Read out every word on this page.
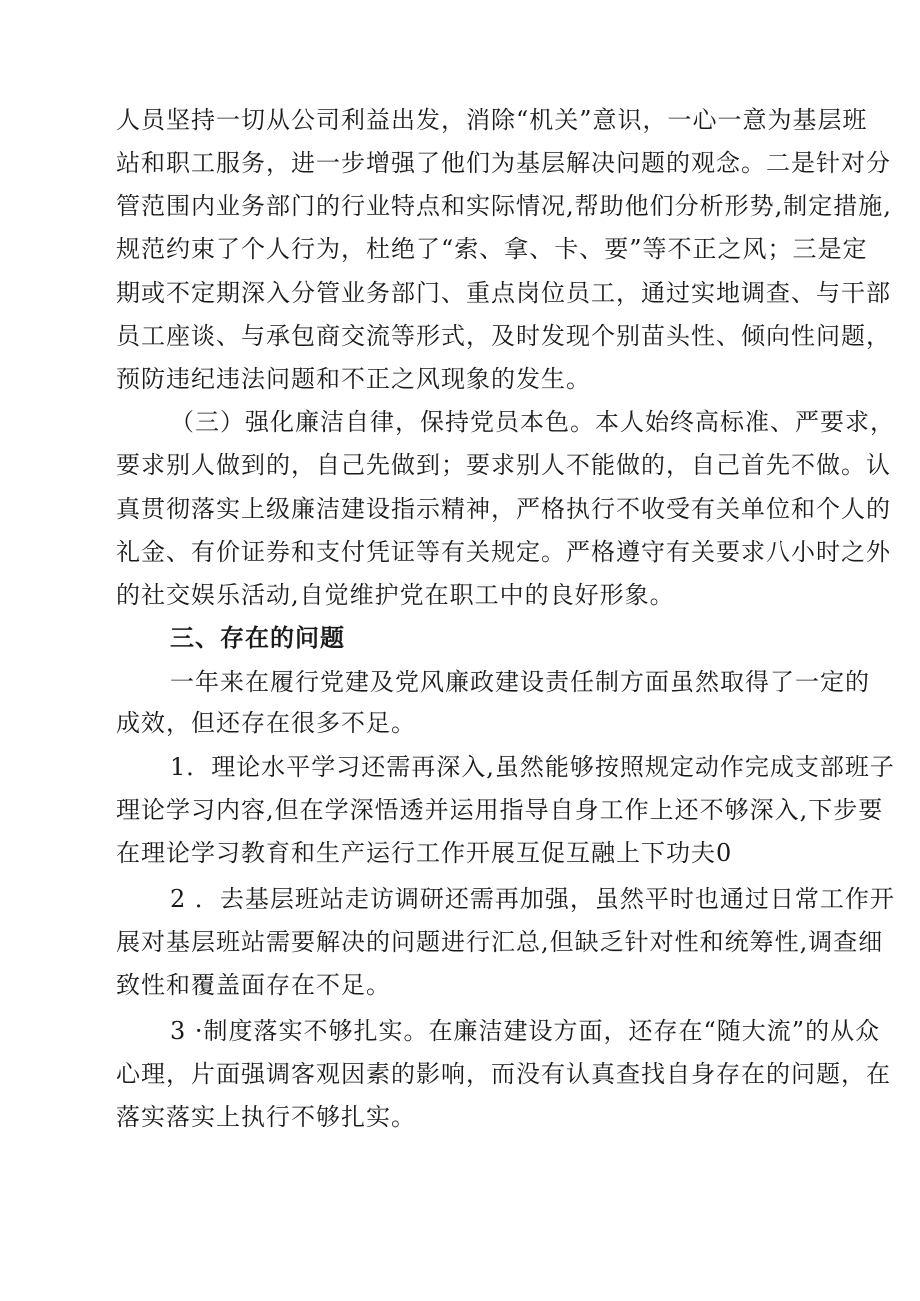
人员坚持一切从公司利益出发，消除“机关”意识，一心一意为基层班
站和职工服务，进一步增强了他们为基层解决问题的观念。二是针对分
管范围内业务部门的行业特点和实际情况,帮助他们分析形势,制定措施,
规范约束了个人行为，杜绝了“索、拿、卡、要”等不正之风；三是定
期或不定期深入分管业务部门、重点岗位员工，通过实地调查、与干部
员工座谈、与承包商交流等形式，及时发现个别苗头性、倾向性问题，
预防违纪违法问题和不正之风现象的发生。
（三）强化廉洁自律，保持党员本色。本人始终高标准、严要求，
要求别人做到的，自己先做到；要求别人不能做的，自己首先不做。认
真贯彻落实上级廉洁建设指示精神，严格执行不收受有关单位和个人的
礼金、有价证券和支付凭证等有关规定。严格遵守有关要求八小时之外
的社交娱乐活动,自觉维护党在职工中的良好形象。
三、存在的问题
一年来在履行党建及党风廉政建设责任制方面虽然取得了一定的
成效，但还存在很多不足。
1．理论水平学习还需再深入,虽然能够按照规定动作完成支部班子
理论学习内容,但在学深悟透并运用指导自身工作上还不够深入,下步要
在理论学习教育和生产运行工作开展互促互融上下功夫0
2 ．去基层班站走访调研还需再加强，虽然平时也通过日常工作开
展对基层班站需要解决的问题进行汇总,但缺乏针对性和统筹性,调查细
致性和覆盖面存在不足。
3 ·制度落实不够扎实。在廉洁建设方面，还存在“随大流”的从众
心理，片面强调客观因素的影响，而没有认真查找自身存在的问题，在
落实落实上执行不够扎实。
